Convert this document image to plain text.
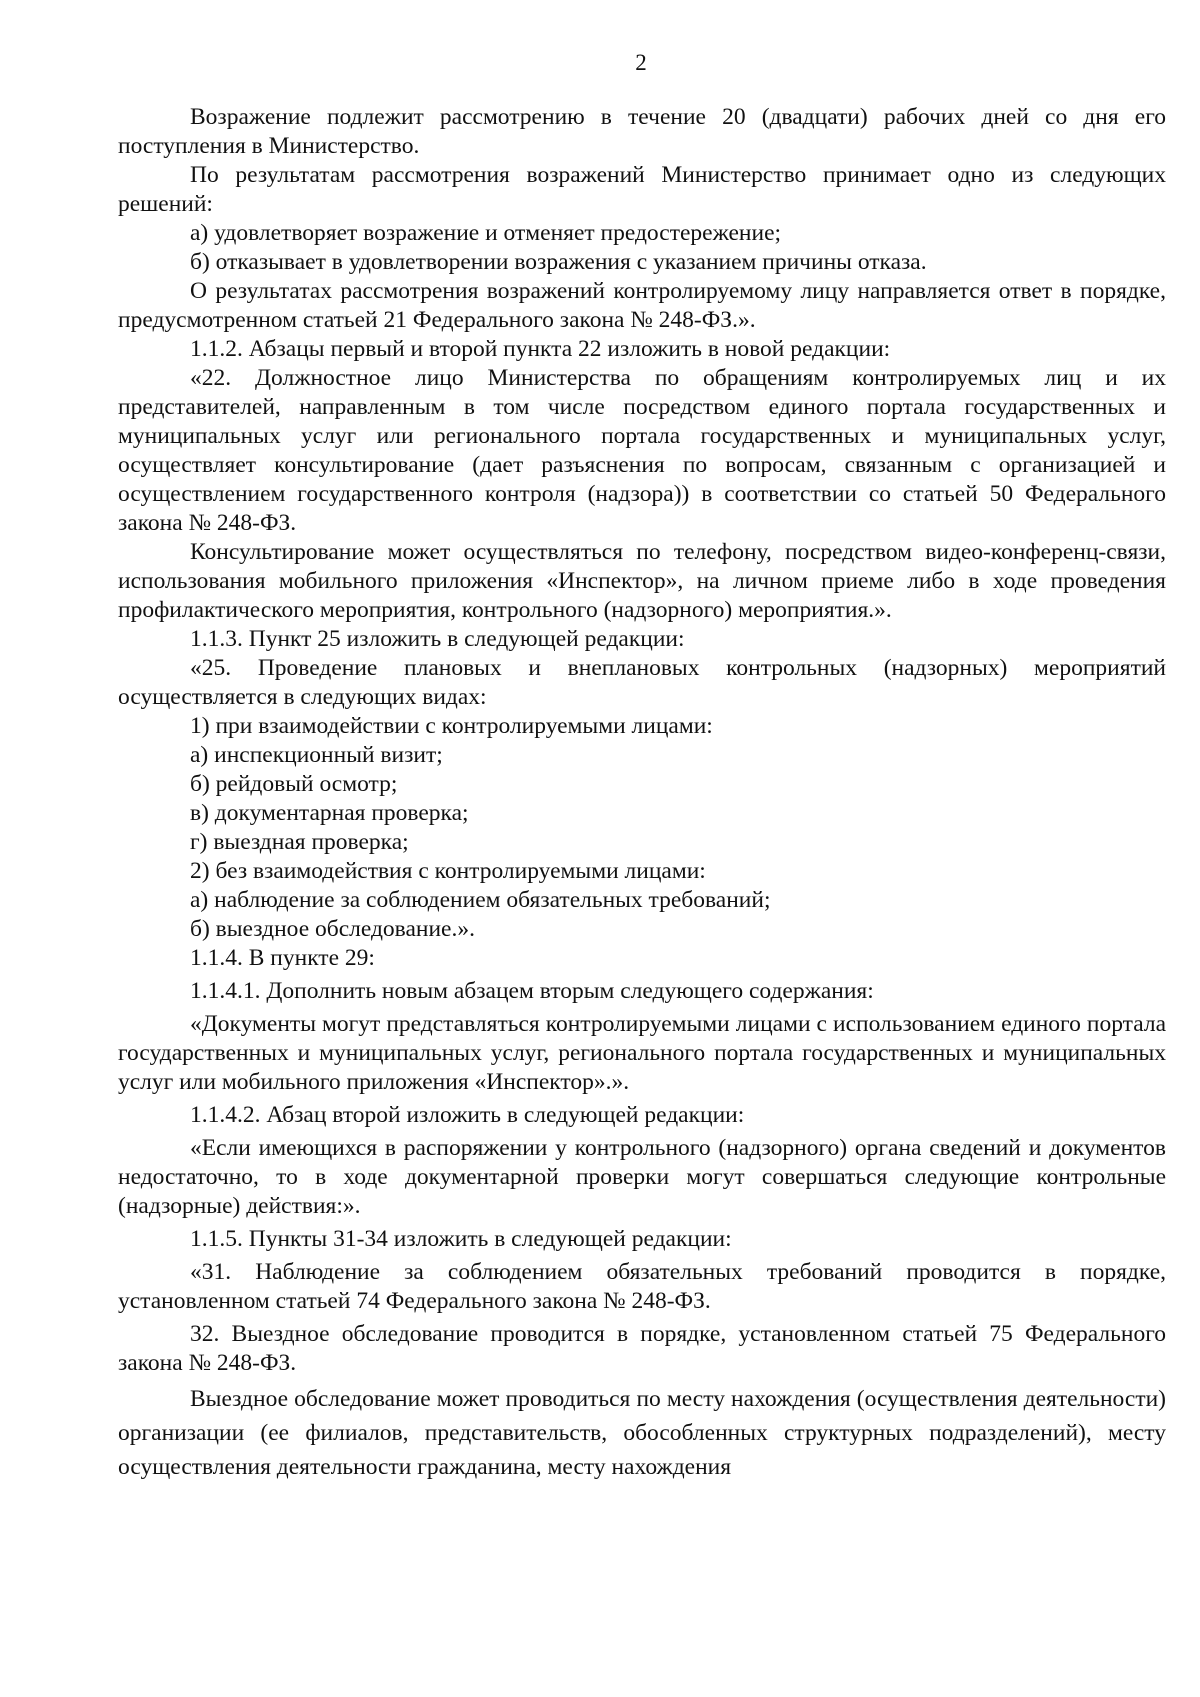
2

Возражение подлежит рассмотрению в течение 20 (двадцати) рабочих дней со дня его поступления в Министерство.

По результатам рассмотрения возражений Министерство принимает одно из следующих решений:

а) удовлетворяет возражение и отменяет предостережение;

б) отказывает в удовлетворении возражения с указанием причины отказа.

О результатах рассмотрения возражений контролируемому лицу направляется ответ в порядке, предусмотренном статьей 21 Федерального закона № 248-ФЗ.».

1.1.2. Абзацы первый и второй пункта 22 изложить в новой редакции:

«22. Должностное лицо Министерства по обращениям контролируемых лиц и их представителей, направленным в том числе посредством единого портала государственных и муниципальных услуг или регионального портала государственных и муниципальных услуг, осуществляет консультирование (дает разъяснения по вопросам, связанным с организацией и осуществлением государственного контроля (надзора)) в соответствии со статьей 50 Федерального закона № 248-ФЗ.

Консультирование может осуществляться по телефону, посредством видео-конференц-связи, использования мобильного приложения «Инспектор», на личном приеме либо в ходе проведения профилактического мероприятия, контрольного (надзорного) мероприятия.».

1.1.3. Пункт 25 изложить в следующей редакции:

«25. Проведение плановых и внеплановых контрольных (надзорных) мероприятий осуществляется в следующих видах:

1) при взаимодействии с контролируемыми лицами:

а) инспекционный визит;

б) рейдовый осмотр;

в) документарная проверка;

г) выездная проверка;

2) без взаимодействия с контролируемыми лицами:

а) наблюдение за соблюдением обязательных требований;

б) выездное обследование.».

1.1.4. В пункте 29:

1.1.4.1. Дополнить новым абзацем вторым следующего содержания:

«Документы могут представляться контролируемыми лицами с использованием единого портала государственных и муниципальных услуг, регионального портала государственных и муниципальных услуг или мобильного приложения «Инспектор».».

1.1.4.2. Абзац второй изложить в следующей редакции:

«Если имеющихся в распоряжении у контрольного (надзорного) органа сведений и документов недостаточно, то в ходе документарной проверки могут совершаться следующие контрольные (надзорные) действия:».

1.1.5. Пункты 31-34 изложить в следующей редакции:

«31. Наблюдение за соблюдением обязательных требований проводится в порядке, установленном статьей 74 Федерального закона № 248-ФЗ.

32. Выездное обследование проводится в порядке, установленном статьей 75 Федерального закона № 248-ФЗ.

Выездное обследование может проводиться по месту нахождения (осуществления деятельности) организации (ее филиалов, представительств, обособленных структурных подразделений), месту осуществления деятельности гражданина, месту нахождения
